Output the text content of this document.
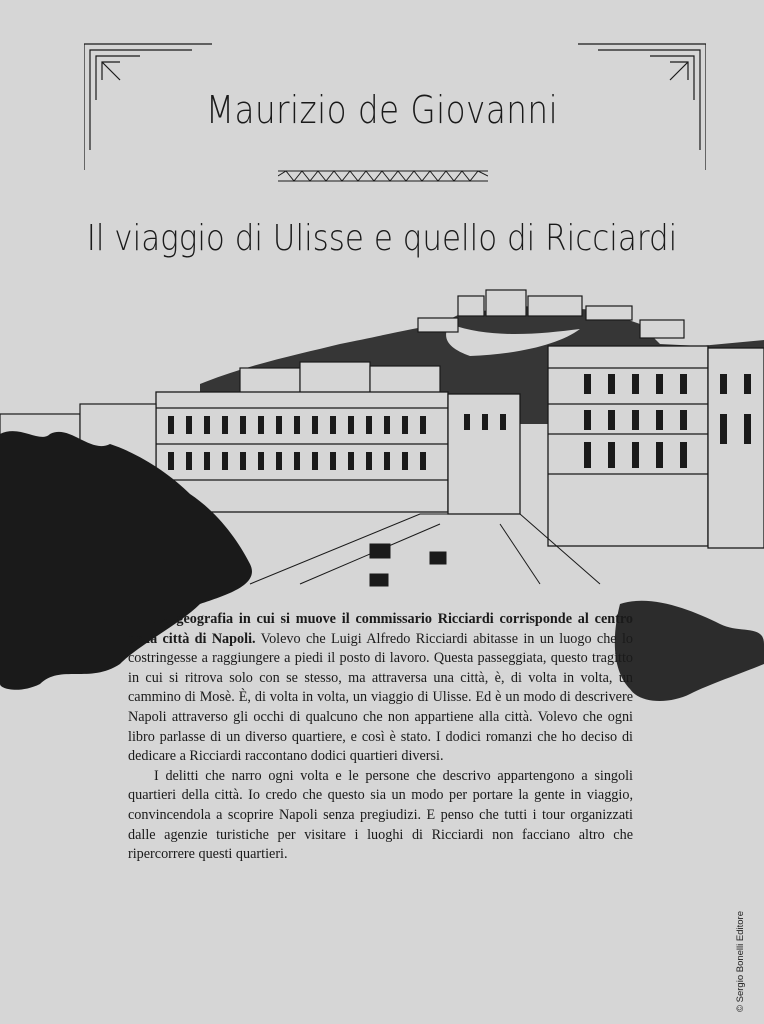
Maurizio de Giovanni
Il viaggio di Ulisse e quello di Ricciardi

La geografia in cui si muove il commissario Ricciardi corrisponde al centro della città di Napoli. Volevo che Luigi Alfredo Ricciardi abitasse in un luogo che lo costringesse a raggiungere a piedi il posto di lavoro. Questa passeggiata, questo tragitto in cui si ritrova solo con se stesso, ma attraversa una città, è, di volta in volta, un cammino di Mosè. È, di volta in volta, un viaggio di Ulisse. Ed è un modo di descrivere Napoli attraverso gli occhi di qualcuno che non appartiene alla città. Volevo che ogni libro parlasse di un diverso quartiere, e così è stato. I dodici romanzi che ho deciso di dedicare a Ricciardi raccontano dodici quartieri diversi.

I delitti che narro ogni volta e le persone che descrivo appartengono a singoli quartieri della città. Io credo che questo sia un modo per portare la gente in viaggio, convincendola a scoprire Napoli senza pregiudizi. E penso che tutti i tour organizzati dalle agenzie turistiche per visitare i luoghi di Ricciardi non facciano altro che ripercorrere questi quartieri.

© Sergio Bonelli Editore
